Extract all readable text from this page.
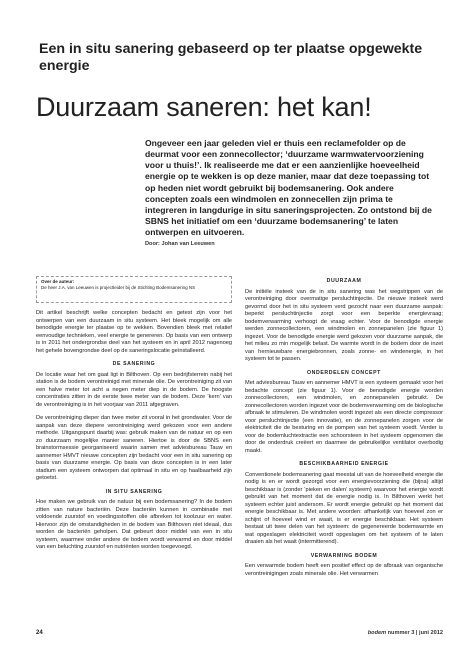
Een in situ sanering gebaseerd op ter plaatse opgewekte energie
Duurzaam saneren: het kan!

Ongeveer een jaar geleden viel er thuis een reclamefolder op de deurmat voor een zonnecollector; ‘duurzame warmwatervoorziening voor u thuis!’. Ik realiseerde me dat er een aanzienlijke hoeveelheid energie op te wekken is op deze manier, maar dat deze toepassing tot op heden niet wordt gebruikt bij bodemsanering. Ook andere concepten zoals een windmolen en zonnecellen zijn prima te integreren in langdurige in situ saneringsprojecten. Zo ontstond bij de SBNS het initiatief om een ‘duurzame bodemsanering’ te laten ontwerpen en uitvoeren.

Door: Johan van Leeuwen
Over de auteur:
De heer J.A. van Leeuwen is projectleider bij de Stichting Bodemsanering NS

Dit artikel beschrijft welke concepten bedacht en getest zijn voor het ontwerpen van een duurzaam in situ systeem. Het bleek mogelijk om alle benodigde energie ter plaatse op te wekken. Bovendien bleek met relatief eenvoudige technieken, veel energie te genereren. Op basis van een ontwerp is in 2011 het ondergrondse deel van het systeem en in april 2012 nagenoeg het gehele bovengrondse deel op de saneringslocatie geïnstalleerd.

DE SANERING

De locatie waar het om gaat ligt in Bilthoven. Op een bedrijfsterrein nabij het station is de bodem verontreinigd met minerale olie. De verontreiniging zit van een halve meter tot acht a negen meter diep in de bodem. De hoogste concentraties zitten in de eerste twee meter van de bodem. Deze ‘kern’ van de verontreiniging is in het voorjaar van 2011 afgegraven.

De verontreiniging dieper dan twee meter zit vooral in het grondwater. Voor de aanpak van deze diepere verontreiniging werd gekozen voor een andere methode. Uitgangspunt daarbij was: gebruik maken van de natuur en op een zo duurzaam mogelijke manier saneren. Hiertoe is door de SBNS een brainstormsessie georganiseerd waarin samen met adviesbureau Tauw en aannemer HMVT nieuwe concepten zijn bedacht voor een in situ sanering op basis van duurzame energie. Op basis van deze concepten is in een later stadium een systeem ontworpen dat optimaal in situ en op haalbaarheid zijn getoetst.

IN SITU SANERING

Hoe maken we gebruik van de natuur bij een bodemsanering? In de bodem zitten van nature bacteriën. Deze bacteriën kunnen in combinatie met voldoende zuurstof en voedingsstoffen olie afbreken tot koolzuur en water. Hiervoor zijn de omstandigheden in de bodem van Bilthoven niet ideaal, dus worden de bacteriën geholpen. Dat gebeurt door middel van een in situ systeem, waarmee onder andere de bodem wordt verwarmd en door middel van een beluchting zuurstof en nutriënten worden toegevoegd.

DUURZAAM

De initiële insteek van de in situ sanering was het wegstrippen van de verontreiniging door overmatige persluchtinjectie. De nieuwe insteek werd gevormd door het in situ systeem verd gezocht naar een duurzame aanpak: beperkt persluchtinjectie zorgt voor een beperkte energievraag; bodemverwarming verhoogt de vraag echter. Voor de benodigde energie werden zonnecollectoren, een windmolen en zonnepanelen (zie figuur 1) ingezet. Voor de benodigde energie werd gekozen voor duurzame aanpak, die het milieu zo min mogelijk belast. De warmte wordt in de bodem door de inzet van hernieuwbare energiebronnen, zoals zonne- en windenergie, in het systeem tot te passen.

ONDERDELEN CONCEPT

Met adviesbureau Tauw en aannemer HMVT is een systeem gemaakt voor het bedachte concept (zie figuur 1). Voor de benodigde energie worden zonnecollectoren, een windmolen, en zonnepanelen gebruikt. De zonnecollectoren worden ingezet voor de bodemverwarming om de biologische afbraak te stimuleren. De windmolen wordt ingezet als een directe compressor voor persluchtinjectie (een innovatie), en de zonnepanelen zorgen voor de elektriciteit die de besturing en de pompen van het systeem voedt. Verder is voor de bodemluchtextractie een schoorsteen in het systeem opgenomen die door de onderdruk creëert en daarmee de gebruikelijke ventilator overbodig maakt.

BESCHIKBAARHEID ENERGIE

Conventionele bodemsanering gaat meestal uit van de hoeveelheid energie die nodig is en er wordt gezorgd voor een energievoorziening die (bijna) altijd beschikbaar is (zonder ‘pieken en dalen’ systeem) waarvoor het energie wordt gebruikt van het moment dat de energie nodig is. In Bilthoven werkt het systeem echter juist andersom. Er wordt energie gebruikt op het moment dat energie beschikbaar is. Met andere woorden: afhankelijk van hoeveel zon er schijnt of hoeveel wind er waait, is er energie beschikbaar. Het systeem bestaat uit twee delen van het systeem: de gegenereerde bodemwarmte en wat opgeslagen elektriciteit wordt opgeslagen om het systeem of te laten draaien als het waait (intermitterend).

VERWARMING BODEM

Een verwarmde bodem heeft een positief effect op de afbraak van organische verontreinigingen zoals minerale olie. Het verwarmen

24	bodem nummer 3 | juni 2012
